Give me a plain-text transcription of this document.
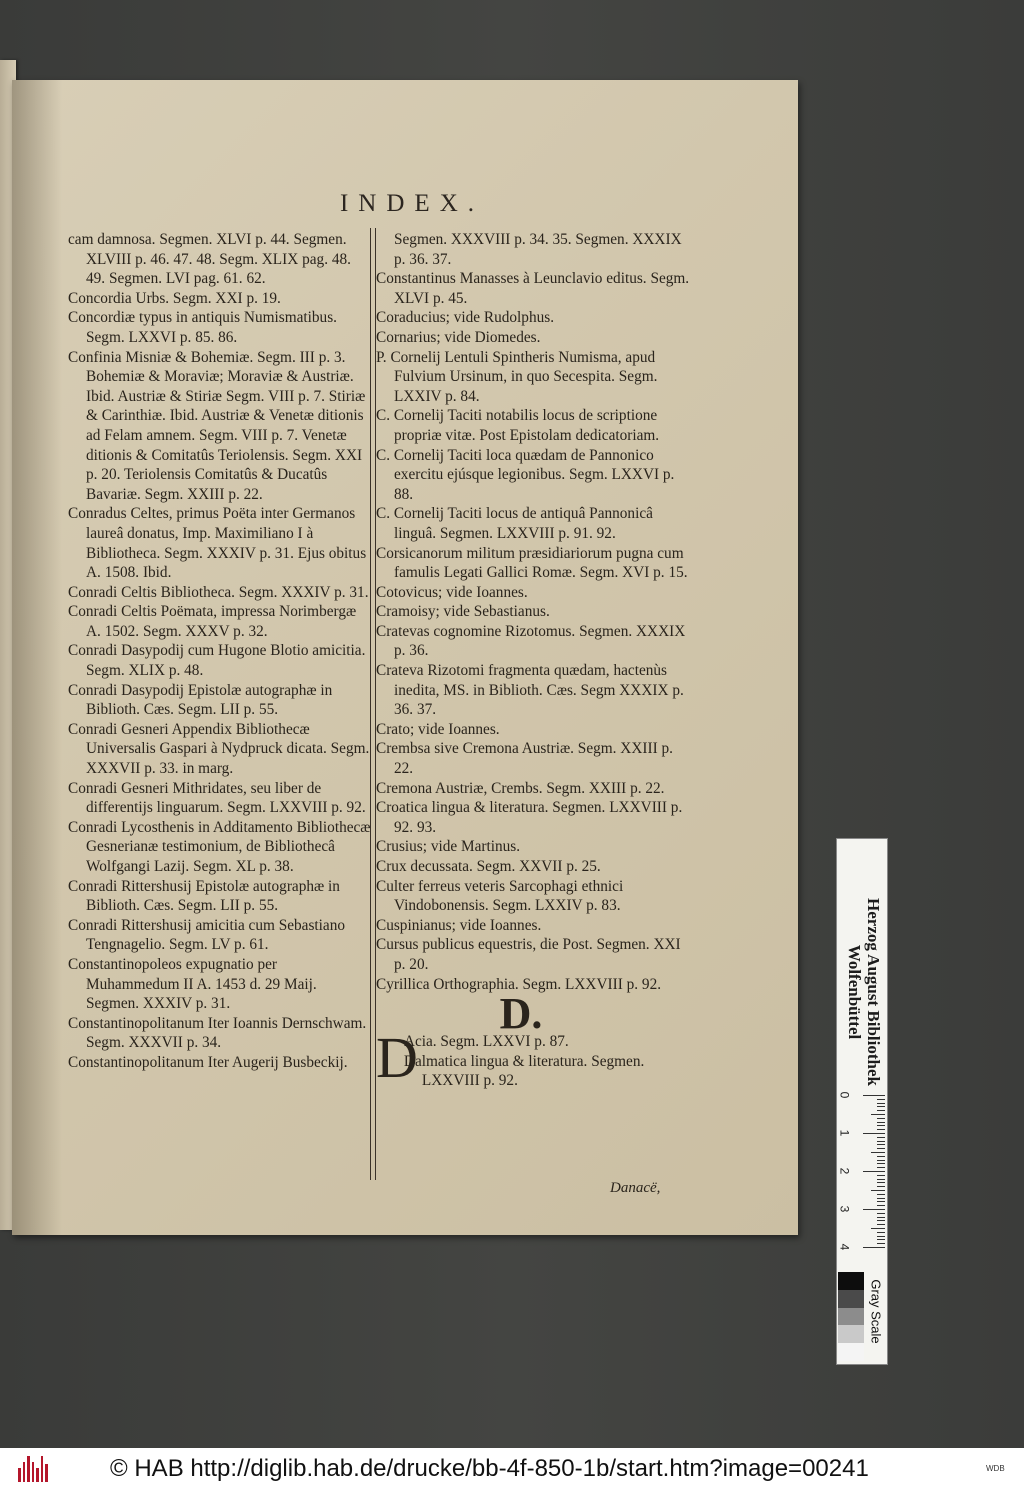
INDEX.

cam damnosa. Segmen. XLVI p. 44. Segmen. XLVIII p. 46. 47. 48. Segm. XLIX pag. 48. 49. Segmen. LVI pag. 61. 62.

Concordia Urbs. Segm. XXI p. 19.

Concordiæ typus in antiquis Numismatibus. Segm. LXXVI p. 85. 86.

Confinia Misniæ & Bohemiæ. Segm. III p. 3. Bohemiæ & Moraviæ; Moraviæ & Austriæ. Ibid. Austriæ & Stiriæ Segm. VIII p. 7. Stiriæ & Carinthiæ. Ibid. Austriæ & Venetæ ditionis ad Felam amnem. Segm. VIII p. 7. Venetæ ditionis & Comitatûs Teriolensis. Segm. XXI p. 20. Teriolensis Comitatûs & Ducatûs Bavariæ. Segm. XXIII p. 22.

Conradus Celtes, primus Poëta inter Germanos laureâ donatus, Imp. Maximiliano I à Bibliotheca. Segm. XXXIV p. 31. Ejus obitus A. 1508. Ibid.

Conradi Celtis Bibliotheca. Segm. XXXIV p. 31.

Conradi Celtis Poëmata, impressa Norimbergæ A. 1502. Segm. XXXV p. 32.

Conradi Dasypodij cum Hugone Blotio amicitia. Segm. XLIX p. 48.

Conradi Dasypodij Epistolæ autographæ in Biblioth. Cæs. Segm. LII p. 55.

Conradi Gesneri Appendix Bibliothecæ Universalis Gaspari à Nydpruck dicata. Segm. XXXVII p. 33. in marg.

Conradi Gesneri Mithridates, seu liber de differentijs linguarum. Segm. LXXVIII p. 92.

Conradi Lycosthenis in Additamento Bibliothecæ Gesnerianæ testimonium, de Bibliothecâ Wolfgangi Lazij. Segm. XL p. 38.

Conradi Rittershusij Epistolæ autographæ in Biblioth. Cæs. Segm. LII p. 55.

Conradi Rittershusij amicitia cum Sebastiano Tengnagelio. Segm. LV p. 61.

Constantinopoleos expugnatio per Muhammedum II A. 1453 d. 29 Maij. Segmen. XXXIV p. 31.

Constantinopolitanum Iter Ioannis Dernschwam. Segm. XXXVII p. 34.

Constantinopolitanum Iter Augerij Busbeckij.

Segmen. XXXVIII p. 34. 35. Segmen. XXXIX p. 36. 37.

Constantinus Manasses à Leunclavio editus. Segm. XLVI p. 45.

Coraducius; vide Rudolphus.

Cornarius; vide Diomedes.

P. Cornelij Lentuli Spintheris Numisma, apud Fulvium Ursinum, in quo Secespita. Segm. LXXIV p. 84.

C. Cornelij Taciti notabilis locus de scriptione propriæ vitæ. Post Epistolam dedicatoriam.

C. Cornelij Taciti loca quædam de Pannonico exercitu ejúsque legionibus. Segm. LXXVI p. 88.

C. Cornelij Taciti locus de antiquâ Pannonicâ linguâ. Segmen. LXXVIII p. 91. 92.

Corsicanorum militum præsidiariorum pugna cum famulis Legati Gallici Romæ. Segm. XVI p. 15.

Cotovicus; vide Ioannes.

Cramoisy; vide Sebastianus.

Cratevas cognomine Rizotomus. Segmen. XXXIX p. 36.

Crateva Rizotomi fragmenta quædam, hactenùs inedita, MS. in Biblioth. Cæs. Segm XXXIX p. 36. 37.

Crato; vide Ioannes.

Crembsa sive Cremona Austriæ. Segm. XXIII p. 22.

Cremona Austriæ, Crembs. Segm. XXIII p. 22.

Croatica lingua & literatura. Segmen. LXXVIII p. 92. 93.

Crusius; vide Martinus.

Crux decussata. Segm. XXVII p. 25.

Culter ferreus veteris Sarcophagi ethnici Vindobonensis. Segm. LXXIV p. 83.

Cuspinianus; vide Ioannes.

Cursus publicus equestris, die Post. Segmen. XXI p. 20.

Cyrillica Orthographia. Segm. LXXVIII p. 92.

D.
D

Acia. Segm. LXXVI p. 87.

Dalmatica lingua & literatura. Segmen. LXXVIII p. 92.

Danacë,
Herzog August Bibliothek Wolfenbüttel
0
1
2
3
4
Gray Scale
© HAB http://diglib.hab.de/drucke/bb-4f-850-1b/start.htm?image=00241	WDB
